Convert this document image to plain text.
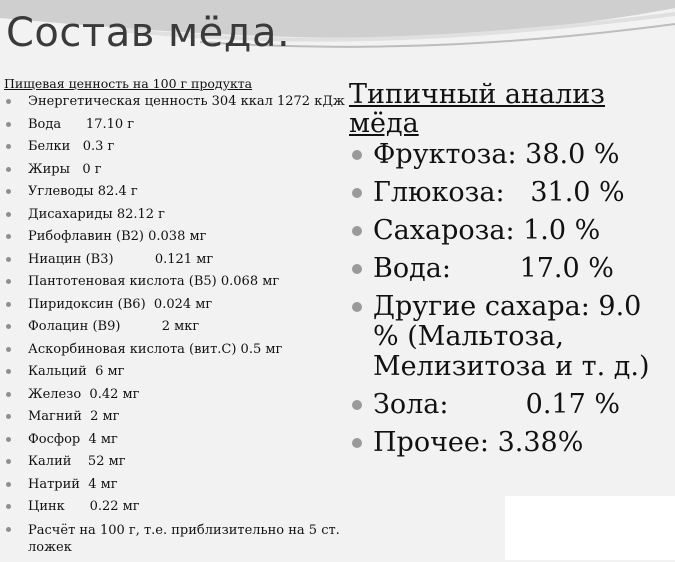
Состав мёда.

Пищевая ценность на 100 г продукта

Энергетическая ценность 304 ккал 1272 кДж
Вода      17.10 г
Белки   0.3 г
Жиры   0 г
Углеводы 82.4 г
Дисахариды 82.12 г
Рибофлавин (B2) 0.038 мг
Ниацин (B3)          0.121 мг
Пантотеновая кислота (B5) 0.068 мг
Пиридоксин (B6)  0.024 мг
Фолацин (B9)          2 мкг
Аскорбиновая кислота (вит.С) 0.5 мг
Кальций  6 мг
Железо  0.42 мг
Магний  2 мг
Фосфор  4 мг
Калий    52 мг
Натрий  4 мг
Цинк      0.22 мг
Расчёт на 100 г, т.е. приблизительно на 5 ст. ложек
Типичный анализ мёда
Фруктоза: 38.0 %
Глюкоза:   31.0 %
Сахароза: 1.0 %
Вода:        17.0 %
Другие сахара: 9.0 % (Мальтоза, Мелизитоза и т. д.)
Зола:         0.17 %
Прочее: 3.38%
